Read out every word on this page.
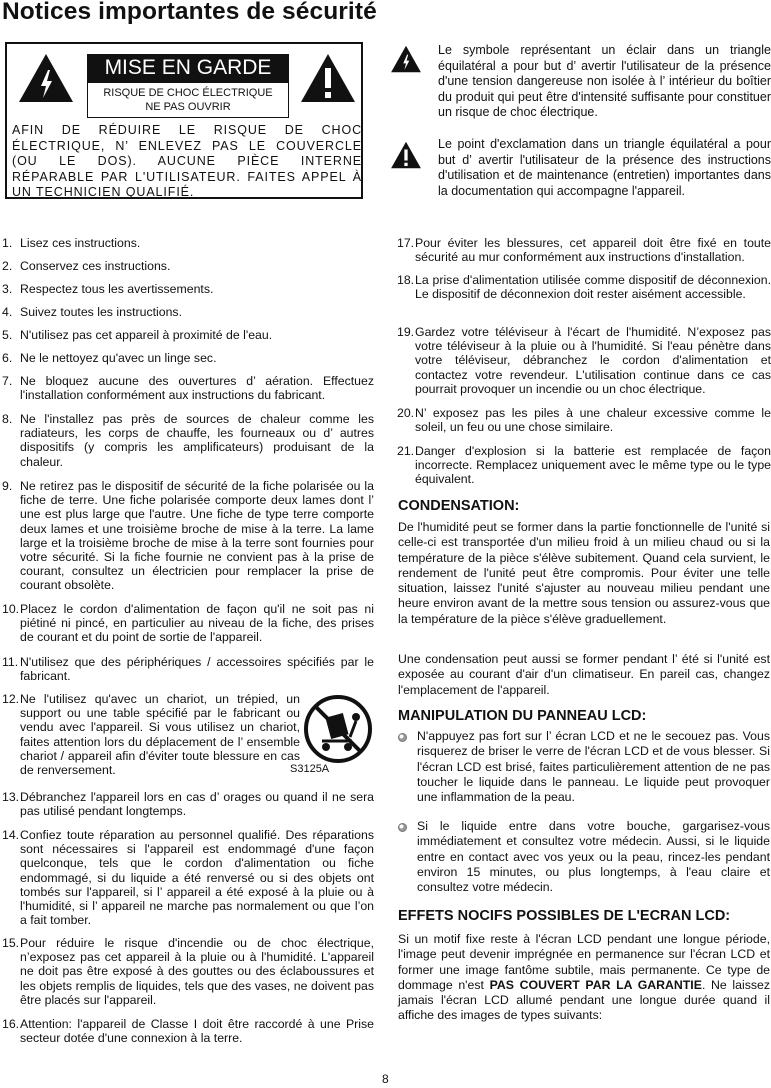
Notices importantes de sécurité
MISE EN GARDE
RISQUE DE CHOC ÉLECTRIQUE
NE PAS OUVRIR
AFIN DE RÉDUIRE LE RISQUE DE CHOC ÉLECTRIQUE, N’ ENLEVEZ PAS LE COUVERCLE (OU LE DOS). AUCUNE PIÈCE INTERNE RÉPARABLE PAR L'UTILISATEUR. FAITES APPEL À UN TECHNICIEN QUALIFIÉ.
Le symbole représentant un éclair dans un triangle équilatéral a pour but d’ avertir l'utilisateur de la présence d'une tension dangereuse non isolée à l’ intérieur du boîtier du produit qui peut être d'intensité suffisante pour constituer un risque de choc électrique.
Le point d'exclamation dans un triangle équilatéral a pour but d’ avertir l'utilisateur de la présence des instructions d'utilisation et de maintenance (entretien) importantes dans la documentation qui accompagne l'appareil.
1. Lisez ces instructions.
2. Conservez ces instructions.
3. Respectez tous les avertissements.
4. Suivez toutes les instructions.
5. N'utilisez pas cet appareil à proximité de l'eau.
6. Ne le nettoyez qu'avec un linge sec.
7. Ne bloquez aucune des ouvertures d’ aération. Effectuez l'installation conformément aux instructions du fabricant.
8. Ne l'installez pas près de sources de chaleur comme les radiateurs, les corps de chauffe, les fourneaux ou d’ autres dispositifs (y compris les amplificateurs) produisant de la chaleur.
9. Ne retirez pas le dispositif de sécurité de la fiche polarisée ou la fiche de terre. Une fiche polarisée comporte deux lames dont l’ une est plus large que l'autre. Une fiche de type terre comporte deux lames et une troisième broche de mise à la terre. La lame large et la troisième broche de mise à la terre sont fournies pour votre sécurité. Si la fiche fournie ne convient pas à la prise de courant, consultez un électricien pour remplacer la prise de courant obsolète.
10. Placez le cordon d'alimentation de façon qu'il ne soit pas ni piétiné ni pincé, en particulier au niveau de la fiche, des prises de courant et du point de sortie de l'appareil.
11. N'utilisez que des périphériques / accessoires spécifiés par le fabricant.
12. Ne l'utilisez qu'avec un chariot, un trépied, un support ou une table spécifié par le fabricant ou vendu avec l'appareil. Si vous utilisez un chariot, faites attention lors du déplacement de l’ ensemble chariot / appareil afin d'éviter toute blessure en cas de renversement.
13. Débranchez l'appareil lors en cas d’ orages ou quand il ne sera pas utilisé pendant longtemps.
14. Confiez toute réparation au personnel qualifié. Des réparations sont nécessaires si l'appareil est endommagé d'une façon quelconque, tels que le cordon d'alimentation ou fiche endommagé, si du liquide a été renversé ou si des objets ont tombés sur l'appareil, si l’ appareil a été exposé à la pluie ou à l'humidité, si l’ appareil ne marche pas normalement ou que l’on a fait tomber.
15. Pour réduire le risque d'incendie ou de choc électrique, n’exposez pas cet appareil à la pluie ou à l'humidité. L'appareil ne doit pas être exposé à des gouttes ou des éclaboussures et les objets remplis de liquides, tels que des vases, ne doivent pas être placés sur l'appareil.
16. Attention: l'appareil de Classe I doit être raccordé à une Prise secteur dotée d'une connexion à la terre.
S3125A
17. Pour éviter les blessures, cet appareil doit être fixé en toute sécurité au mur conformément aux instructions d'installation.
18. La prise d'alimentation utilisée comme dispositif de déconnexion. Le dispositif de déconnexion doit rester aisément accessible.
19. Gardez votre téléviseur à l'écart de l'humidité. N’exposez pas votre téléviseur à la pluie ou à l'humidité. Si l'eau pénètre dans votre téléviseur, débranchez le cordon d'alimentation et contactez votre revendeur. L'utilisation continue dans ce cas pourrait provoquer un incendie ou un choc électrique.
20. N’ exposez pas les piles à une chaleur excessive comme le soleil, un feu ou une chose similaire.
21. Danger d'explosion si la batterie est remplacée de façon incorrecte. Remplacez uniquement avec le même type ou le type équivalent.
CONDENSATION:
De l'humidité peut se former dans la partie fonctionnelle de l'unité si celle-ci est transportée d'un milieu froid à un milieu chaud ou si la température de la pièce s'élève subitement. Quand cela survient, le rendement de l'unité peut être compromis. Pour éviter une telle situation, laissez l'unité s'ajuster au nouveau milieu pendant une heure environ avant de la mettre sous tension ou assurez-vous que la température de la pièce s'élève graduellement.
Une condensation peut aussi se former pendant l’ été si l'unité est exposée au courant d'air d'un climatiseur. En pareil cas, changez l'emplacement de l'appareil.
MANIPULATION DU PANNEAU LCD:
N'appuyez pas fort sur l’ écran LCD et ne le secouez pas. Vous risquerez de briser le verre de l'écran LCD et de vous blesser. Si l'écran LCD est brisé, faites particulièrement attention de ne pas toucher le liquide dans le panneau. Le liquide peut provoquer une inflammation de la peau.
Si le liquide entre dans votre bouche, gargarisez-vous immédiatement et consultez votre médecin. Aussi, si le liquide entre en contact avec vos yeux ou la peau, rincez-les pendant environ 15 minutes, ou plus longtemps, à l'eau claire et consultez votre médecin.
EFFETS NOCIFS POSSIBLES DE L'ECRAN LCD:
Si un motif fixe reste à l'écran LCD pendant une longue période, l'image peut devenir imprégnée en permanence sur l'écran LCD et former une image fantôme subtile, mais permanente. Ce type de dommage n'est PAS COUVERT PAR LA GARANTIE. Ne laissez jamais l'écran LCD allumé pendant une longue durée quand il affiche des images de types suivants:
8
